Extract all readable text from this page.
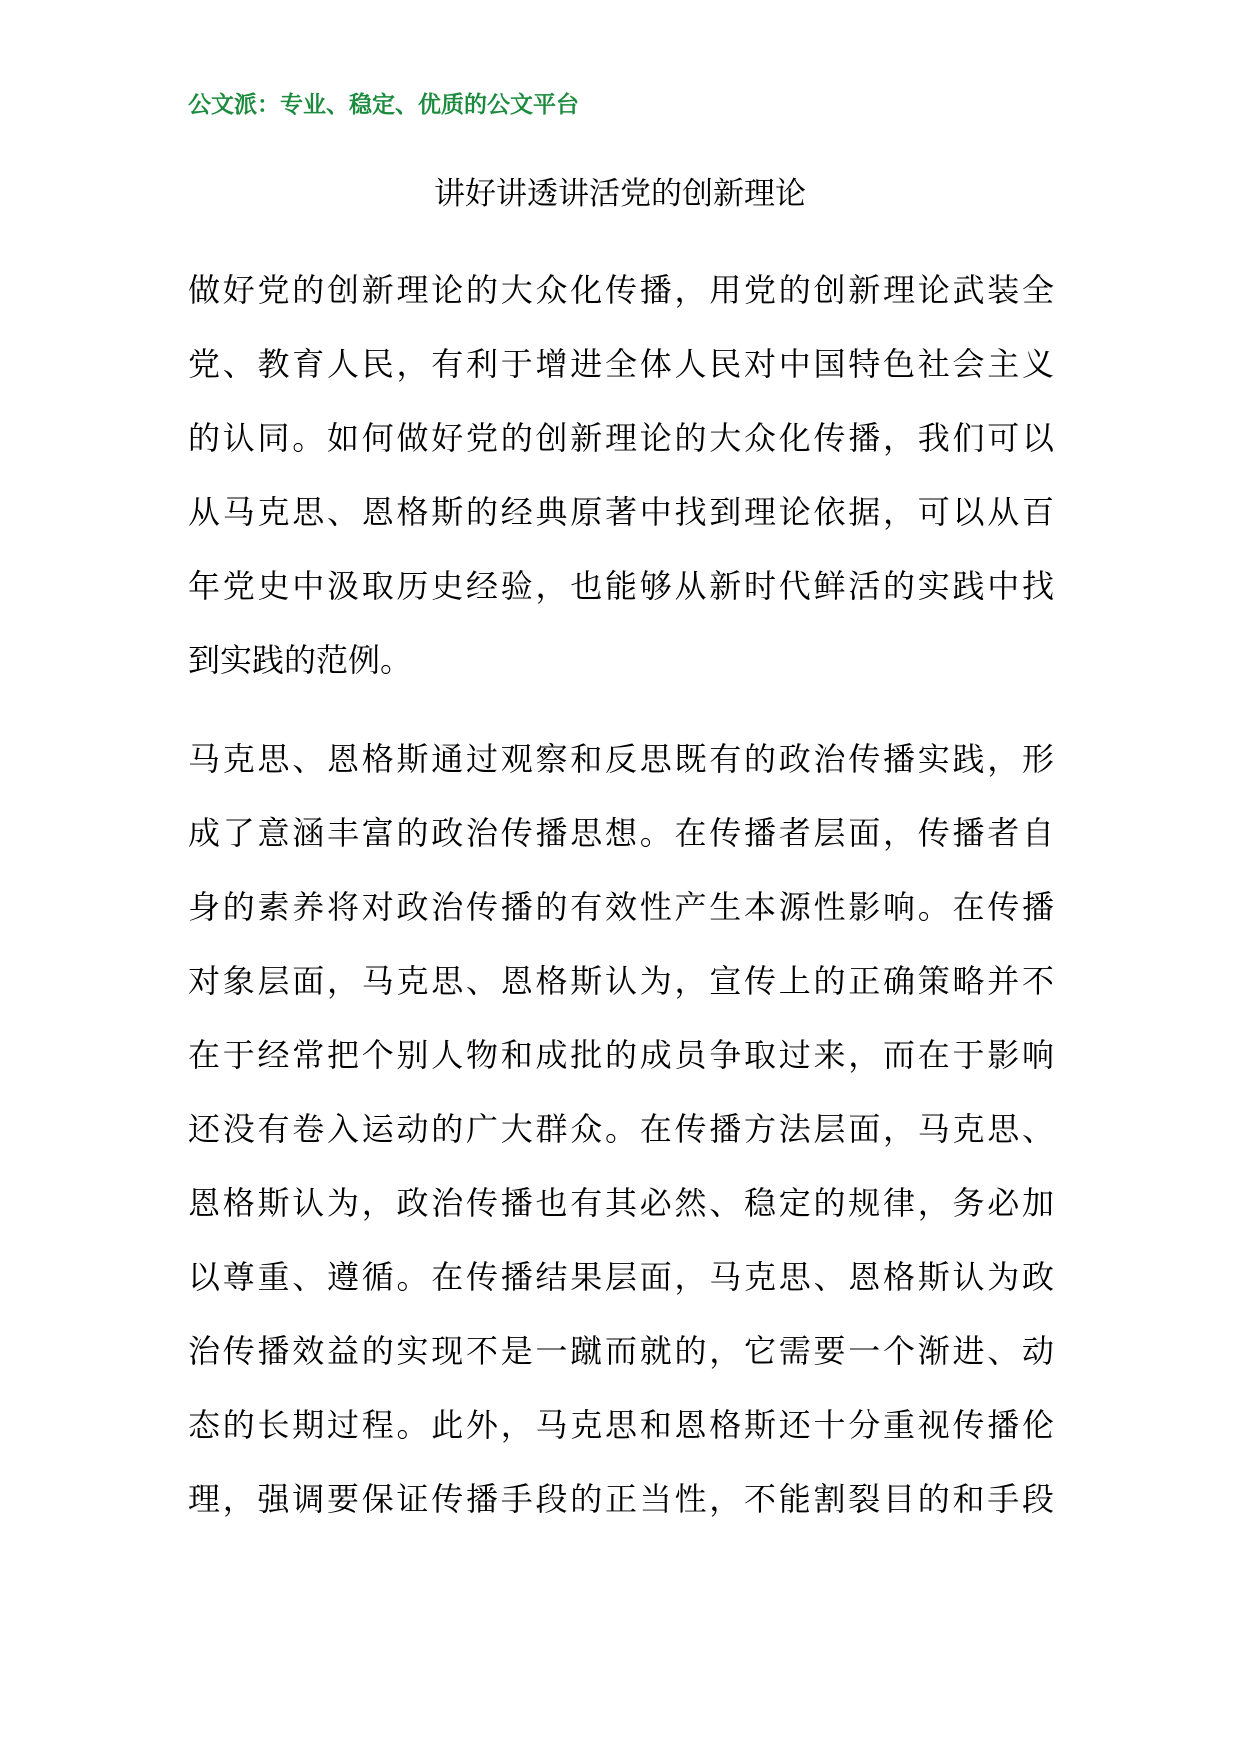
公文派：专业、稳定、优质的公文平台
讲好讲透讲活党的创新理论
做好党的创新理论的大众化传播，用党的创新理论武装全
党、教育人民，有利于增进全体人民对中国特色社会主义
的认同。如何做好党的创新理论的大众化传播，我们可以
从马克思、恩格斯的经典原著中找到理论依据，可以从百
年党史中汲取历史经验，也能够从新时代鲜活的实践中找
到实践的范例。
马克思、恩格斯通过观察和反思既有的政治传播实践，形
成了意涵丰富的政治传播思想。在传播者层面，传播者自
身的素养将对政治传播的有效性产生本源性影响。在传播
对象层面，马克思、恩格斯认为，宣传上的正确策略并不
在于经常把个别人物和成批的成员争取过来，而在于影响
还没有卷入运动的广大群众。在传播方法层面，马克思、
恩格斯认为，政治传播也有其必然、稳定的规律，务必加
以尊重、遵循。在传播结果层面，马克思、恩格斯认为政
治传播效益的实现不是一蹴而就的，它需要一个渐进、动
态的长期过程。此外，马克思和恩格斯还十分重视传播伦
理，强调要保证传播手段的正当性，不能割裂目的和手段
